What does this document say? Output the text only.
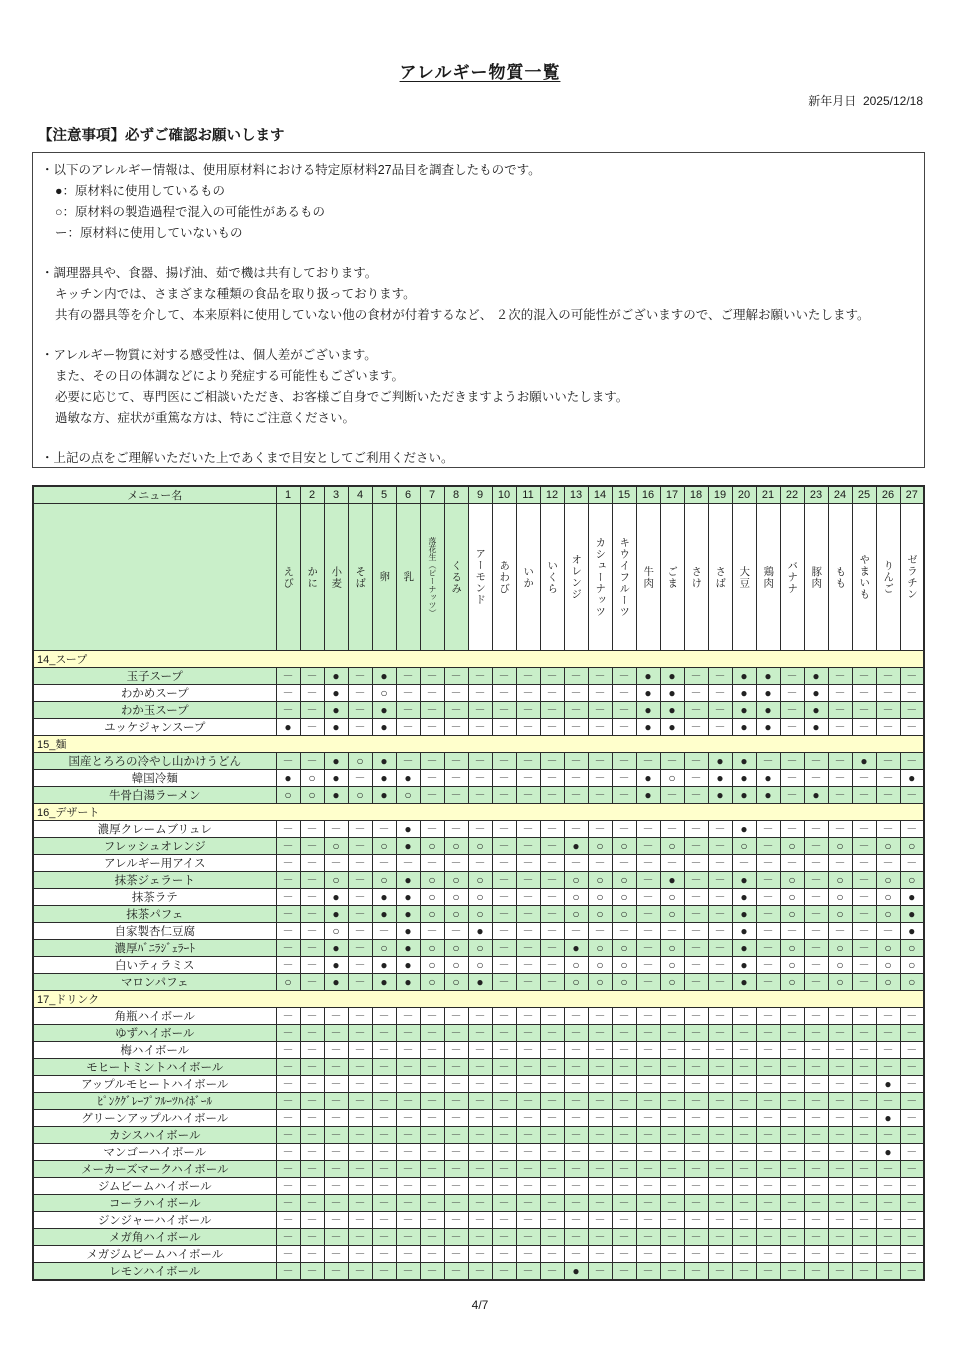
アレルギー物質一覧
新年月日 2025/12/18
【注意事項】必ずご確認お願いします
・以下のアレルギー情報は、使用原材料における特定原材料27品目を調査したものです。
●：原材料に使用しているもの
○：原材料の製造過程で混入の可能性があるもの
ー：原材料に使用していないもの
・調理器具や、食器、揚げ油、茹で機は共有しております。
キッチン内では、さまざまな種類の食品を取り扱っております。
共有の器具等を介して、本来原料に使用していない他の食材が付着するなど、 ２次的混入の可能性がございますので、ご理解お願いいたします。
・アレルギー物質に対する感受性は、個人差がございます。
また、その日の体調などにより発症する可能性もございます。
必要に応じて、専門医にご相談いただき、お客様ご自身でご判断いただきますようお願いいたします。
過敏な方、症状が重篤な方は、特にご注意ください。
・上記の点をご理解いただいた上であくまで目安としてご利用ください。
メニュー名	1	2	3	4	5	6	7	8	9	10	11	12	13	14	15	16	17	18	19	20	21	22	23	24	25	26	27

	えび	かに	小麦	そば	卵	乳	落花生（ピーナッツ）	くるみ	アーモンド	あわび	いか	いくら	オレンジ	カシューナッツ	キウイフルーツ	牛肉	ごま	さけ	さば	大豆	鶏肉	バナナ	豚肉	もも	やまいも	りんご	ゼラチン

14_スープ																											
玉子スープ	－	－	●	－	●	－	－	－	－	－	－	－	－	－	－	●	●	－	－	●	●	－	●	－	－	－	－
わかめスープ	－	－	●	－	○	－	－	－	－	－	－	－	－	－	－	●	●	－	－	●	●	－	●	－	－	－	－
わか玉スープ	－	－	●	－	●	－	－	－	－	－	－	－	－	－	－	●	●	－	－	●	●	－	●	－	－	－	－
ユッケジャンスープ	●	－	●	－	●	－	－	－	－	－	－	－	－	－	－	●	●	－	－	●	●	－	●	－	－	－	－
15_麺																											
国産とろろの冷やし山かけうどん	－	－	●	○	●	－	－	－	－	－	－	－	－	－	－	－	－	－	●	●	－	－	－	－	●	－	－
韓国冷麺	●	○	●	－	●	●	－	－	－	－	－	－	－	－	－	●	○	－	●	●	●	－	－	－	－	－	●
牛骨白湯ラーメン	○	○	●	○	●	○	－	－	－	－	－	－	－	－	－	●	－	－	●	●	●	－	●	－	－	－	－
16_デザート																											
濃厚クレームブリュレ	－	－	－	－	－	●	－	－	－	－	－	－	－	－	－	－	－	－	－	●	－	－	－	－	－	－	－
フレッシュオレンジ	－	－	○	－	○	●	○	○	○	－	－	－	●	○	○	－	○	－	－	○	－	○	－	○	－	○	○
アレルギー用アイス	－	－	－	－	－	－	－	－	－	－	－	－	－	－	－	－	－	－	－	－	－	－	－	－	－	－	－
抹茶ジェラート	－	－	○	－	○	●	○	○	○	－	－	－	○	○	○	－	●	－	－	●	－	○	－	○	－	○	○
抹茶ラテ	－	－	●	－	●	●	○	○	○	－	－	－	○	○	○	－	○	－	－	●	－	○	－	○	－	○	●
抹茶パフェ	－	－	●	－	●	●	○	○	○	－	－	－	○	○	○	－	○	－	－	●	－	○	－	○	－	○	●
自家製杏仁豆腐	－	－	○	－	－	●	－	－	●	－	－	－	－	－	－	－	－	－	－	●	－	－	－	－	－	－	●
濃厚ﾊﾞﾆﾗｼﾞｪﾗｰﾄ	－	－	●	－	○	●	○	○	○	－	－	－	●	○	○	－	○	－	－	●	－	○	－	○	－	○	○
白いティラミス	－	－	●	－	●	●	○	○	○	－	－	－	○	○	○	－	○	－	－	●	－	○	－	○	－	○	○
マロンパフェ	○	－	●	－	●	●	○	○	●	－	－	－	○	○	○	－	○	－	－	●	－	○	－	○	－	○	○
17_ドリンク																											
角瓶ハイボール	－	－	－	－	－	－	－	－	－	－	－	－	－	－	－	－	－	－	－	－	－	－	－	－	－	－	－
ゆずハイボール	－	－	－	－	－	－	－	－	－	－	－	－	－	－	－	－	－	－	－	－	－	－	－	－	－	－	－
梅ハイボール	－	－	－	－	－	－	－	－	－	－	－	－	－	－	－	－	－	－	－	－	－	－	－	－	－	－	－
モヒートミントハイボール	－	－	－	－	－	－	－	－	－	－	－	－	－	－	－	－	－	－	－	－	－	－	－	－	－	－	－
アップルモヒートハイボール	－	－	－	－	－	－	－	－	－	－	－	－	－	－	－	－	－	－	－	－	－	－	－	－	－	●	－
ﾋﾟﾝｸｸﾞﾚｰﾌﾟﾌﾙｰﾂﾊｲﾎﾞｰﾙ	－	－	－	－	－	－	－	－	－	－	－	－	－	－	－	－	－	－	－	－	－	－	－	－	－	－	－
グリーンアップルハイボール	－	－	－	－	－	－	－	－	－	－	－	－	－	－	－	－	－	－	－	－	－	－	－	－	－	●	－
カシスハイボール	－	－	－	－	－	－	－	－	－	－	－	－	－	－	－	－	－	－	－	－	－	－	－	－	－	－	－
マンゴーハイボール	－	－	－	－	－	－	－	－	－	－	－	－	－	－	－	－	－	－	－	－	－	－	－	－	－	●	－
メーカーズマークハイボール	－	－	－	－	－	－	－	－	－	－	－	－	－	－	－	－	－	－	－	－	－	－	－	－	－	－	－
ジムビームハイボール	－	－	－	－	－	－	－	－	－	－	－	－	－	－	－	－	－	－	－	－	－	－	－	－	－	－	－
コーラハイボール	－	－	－	－	－	－	－	－	－	－	－	－	－	－	－	－	－	－	－	－	－	－	－	－	－	－	－
ジンジャーハイボール	－	－	－	－	－	－	－	－	－	－	－	－	－	－	－	－	－	－	－	－	－	－	－	－	－	－	－
メガ角ハイボール	－	－	－	－	－	－	－	－	－	－	－	－	－	－	－	－	－	－	－	－	－	－	－	－	－	－	－
メガジムビームハイボール	－	－	－	－	－	－	－	－	－	－	－	－	－	－	－	－	－	－	－	－	－	－	－	－	－	－	－
レモンハイボール	－	－	－	－	－	－	－	－	－	－	－	－	●	－	－	－	－	－	－	－	－	－	－	－	－	－	－
4/7
